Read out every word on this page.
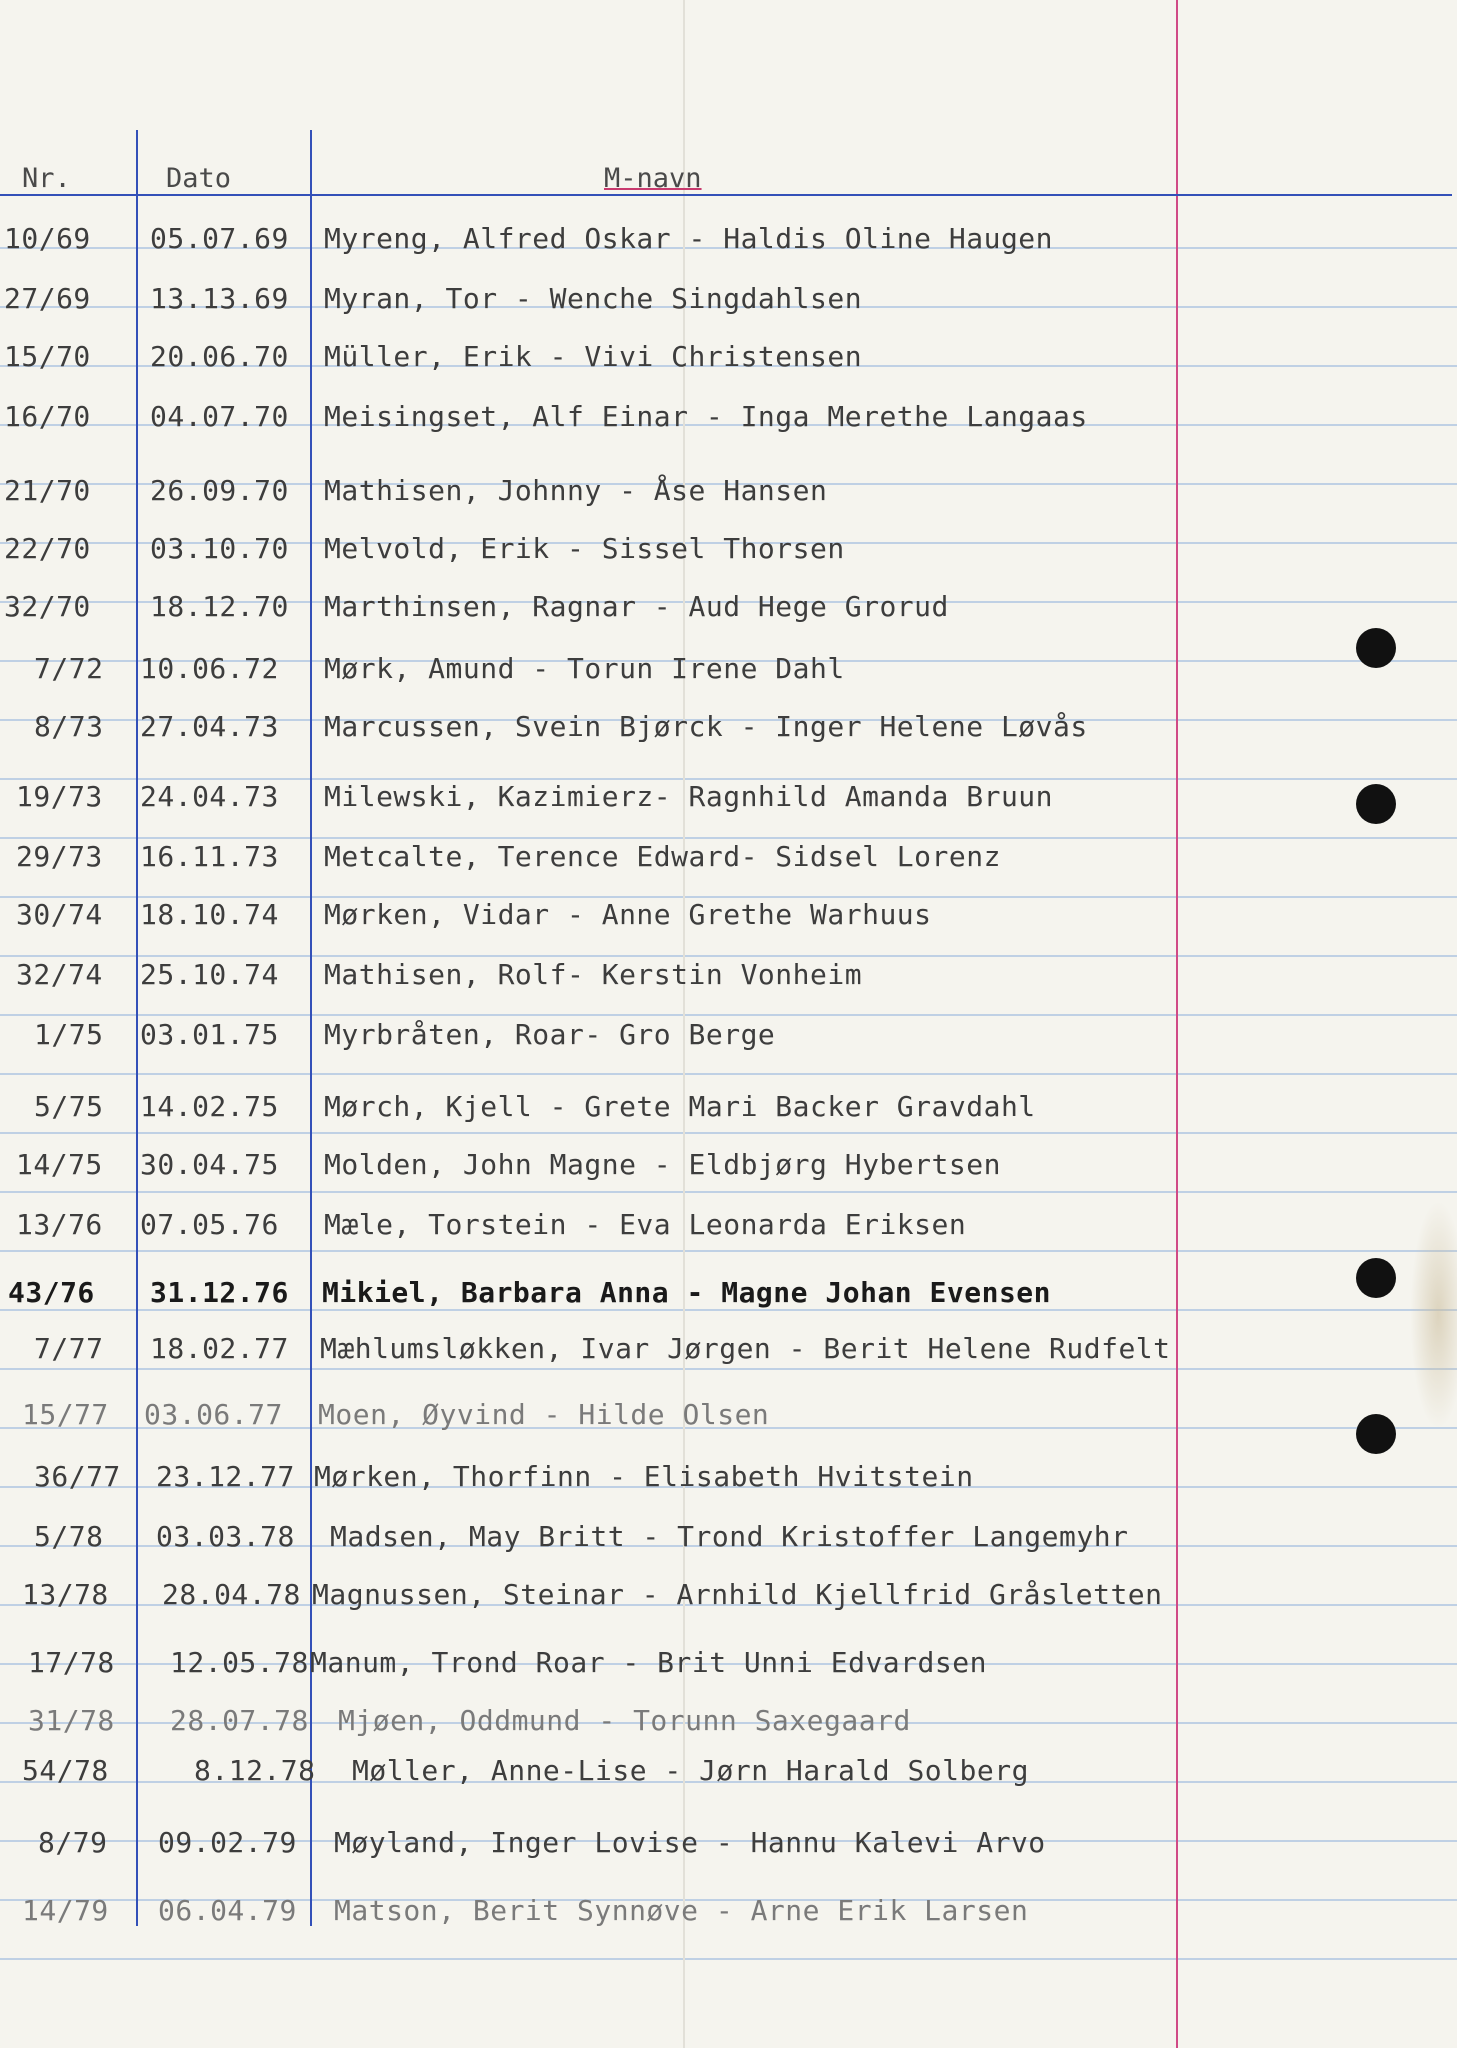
Nr.	Dato	M-navn
10/69 05.07.69 Myreng, Alfred Oskar - Haldis Oline Haugen
27/69 13.13.69 Myran, Tor - Wenche Singdahlsen
15/70 20.06.70 Müller, Erik - Vivi Christensen
16/70 04.07.70 Meisingset, Alf Einar - Inga Merethe Langaas
21/70 26.09.70 Mathisen, Johnny - Åse Hansen
22/70 03.10.70 Melvold, Erik - Sissel Thorsen
32/70 18.12.70 Marthinsen, Ragnar - Aud Hege Grorud
7/72 10.06.72 Mørk, Amund - Torun Irene Dahl
8/73 27.04.73 Marcussen, Svein Bjørck - Inger Helene Løvås
19/73 24.04.73 Milewski, Kazimierz- Ragnhild Amanda Bruun
29/73 16.11.73 Metcalte, Terence Edward- Sidsel Lorenz
30/74 18.10.74 Mørken, Vidar - Anne Grethe Warhuus
32/74 25.10.74 Mathisen, Rolf- Kerstin Vonheim
1/75 03.01.75 Myrbråten, Roar- Gro Berge
5/75 14.02.75 Mørch, Kjell - Grete Mari Backer Gravdahl
14/75 30.04.75 Molden, John Magne - Eldbjørg Hybertsen
13/76 07.05.76 Mæle, Torstein - Eva Leonarda Eriksen
43/76 31.12.76 Mikiel, Barbara Anna - Magne Johan Evensen
7/77 18.02.77 Mæhlumsløkken, Ivar Jørgen - Berit Helene Rudfelt
15/77 03.06.77 Moen, Øyvind - Hilde Olsen
36/77 23.12.77 Mørken, Thorfinn - Elisabeth Hvitstein
5/78 03.03.78 Madsen, May Britt - Trond Kristoffer Langemyhr
13/78 28.04.78 Magnussen, Steinar - Arnhild Kjellfrid Gråsletten
17/78 12.05.78 Manum, Trond Roar - Brit Unni Edvardsen
31/78 28.07.78 Mjøen, Oddmund - Torunn Saxegaard
54/78	8.12.78 Møller, Anne-Lise - Jørn Harald Solberg
8/79 09.02.79 Møyland, Inger Lovise - Hannu Kalevi Arvo
14/79 06.04.79 Matson, Berit Synnøve - Arne Erik Larsen
